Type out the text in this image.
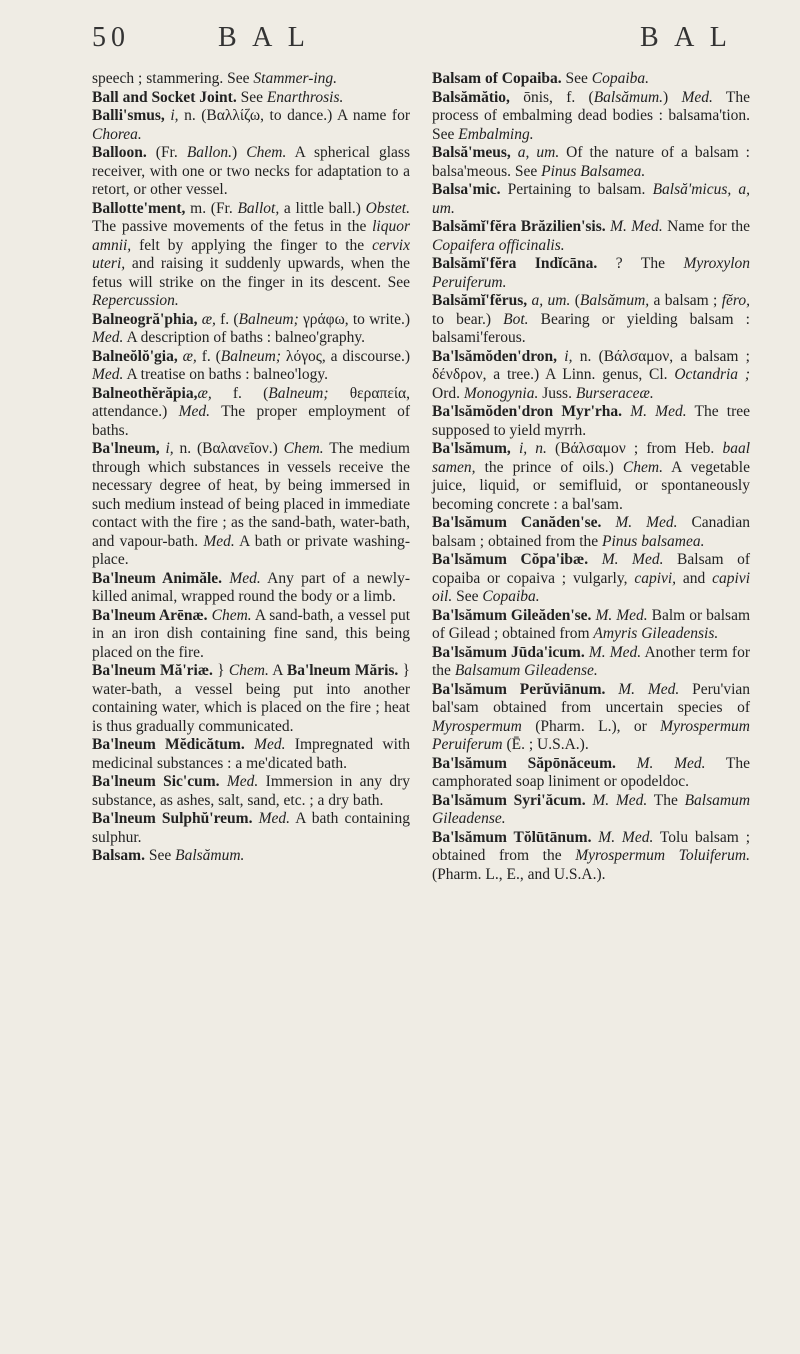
50	B A L	B A L
speech ; stammering. See Stammer-ing.
Ball and Socket Joint. See Enarthrosis.
Balli'smus, i, n. (Βαλλίζω, to dance.) A name for Chorea.
Balloon. (Fr. Ballon.) Chem. A spherical glass receiver, with one or two necks for adaptation to a retort, or other vessel.
Ballotte'ment, m. (Fr. Ballot, a little ball.) Obstet. The passive movements of the fetus in the liquor amnii, felt by applying the finger to the cervix uteri, and raising it suddenly upwards, when the fetus will strike on the finger in its descent. See Repercussion.
Balneogră'phia, æ, f. (Balneum; γράφω, to write.) Med. A description of baths : balneo'graphy.
Balneŏlŏ'gia, æ, f. (Balneum; λόγος, a discourse.) Med. A treatise on baths : balneo'logy.
Balneothĕrăpia,æ, f. (Balneum; θεραπεία, attendance.) Med. The proper employment of baths.
Ba'lneum, i, n. (Βαλανεῖον.) Chem. The medium through which substances in vessels receive the necessary degree of heat, by being immersed in such medium instead of being placed in immediate contact with the fire ; as the sand-bath, water-bath, and vapour-bath. Med. A bath or private washing-place.
Ba'lneum Animăle. Med. Any part of a newly-killed animal, wrapped round the body or a limb.
Ba'lneum Arēnæ. Chem. A sand-bath, a vessel put in an iron dish containing fine sand, this being placed on the fire.
Ba'lneum Mă'riæ. } Chem. A Ba'lneum Măris. } water-bath, a vessel being put into another containing water, which is placed on the fire ; heat is thus gradually communicated.
Ba'lneum Mĕdicătum. Med. Impregnated with medicinal substances : a me'dicated bath.
Ba'lneum Sic'cum. Med. Immersion in any dry substance, as ashes, salt, sand, etc. ; a dry bath.
Ba'lneum Sulphŭ'reum. Med. A bath containing sulphur.
Balsam. See Balsămum.
Balsam of Copaiba. See Copaiba.
Balsămătio, ōnis, f. (Balsămum.) Med. The process of embalming dead bodies : balsama'tion. See Embalming.
Balsă'meus, a, um. Of the nature of a balsam : balsa'meous. See Pinus Balsamea.
Balsa'mic. Pertaining to balsam. Balsă'micus, a, um.
Balsămĭ'fĕra Brăzilien'sis. M. Med. Name for the Copaifera officinalis.
Balsămĭ'fĕra Indĭcāna. ? The Myroxylon Peruiferum.
Balsămĭ'fĕrus, a, um. (Balsămum, a balsam ; fĕro, to bear.) Bot. Bearing or yielding balsam : balsami'ferous.
Ba'lsămŏden'dron, i, n. (Βάλσαμον, a balsam ; δένδρον, a tree.) A Linn. genus, Cl. Octandria ; Ord. Monogynia. Juss. Burseraceæ.
Ba'lsămŏden'dron Myr'rha. M. Med. The tree supposed to yield myrrh.
Ba'lsămum, i, n. (Βάλσαμον ; from Heb. baal samen, the prince of oils.) Chem. A vegetable juice, liquid, or semifluid, or spontaneously becoming concrete : a bal'sam.
Ba'lsămum Canăden'se. M. Med. Canadian balsam ; obtained from the Pinus balsamea.
Ba'lsămum Cŏpa'ibæ. M. Med. Balsam of copaiba or copaiva ; vulgarly, capivi, and capivi oil. See Copaiba.
Ba'lsămum Gileăden'se. M. Med. Balm or balsam of Gilead ; obtained from Amyris Gileadensis.
Ba'lsămum Jūda'icum. M. Med. Another term for the Balsamum Gileadense.
Ba'lsămum Perŭviānum. M. Med. Peru'vian bal'sam obtained from uncertain species of Myrospermum (Pharm. L.), or Myrospermum Peruiferum (Ē. ; U.S.A.).
Ba'lsămum Săpōnăceum. M. Med. The camphorated soap liniment or opodeldoc.
Ba'lsămum Syri'ăcum. M. Med. The Balsamum Gileadense.
Ba'lsămum Tŏlūtānum. M. Med. Tolu balsam ; obtained from the Myrospermum Toluiferum. (Pharm. L., E., and U.S.A.).
